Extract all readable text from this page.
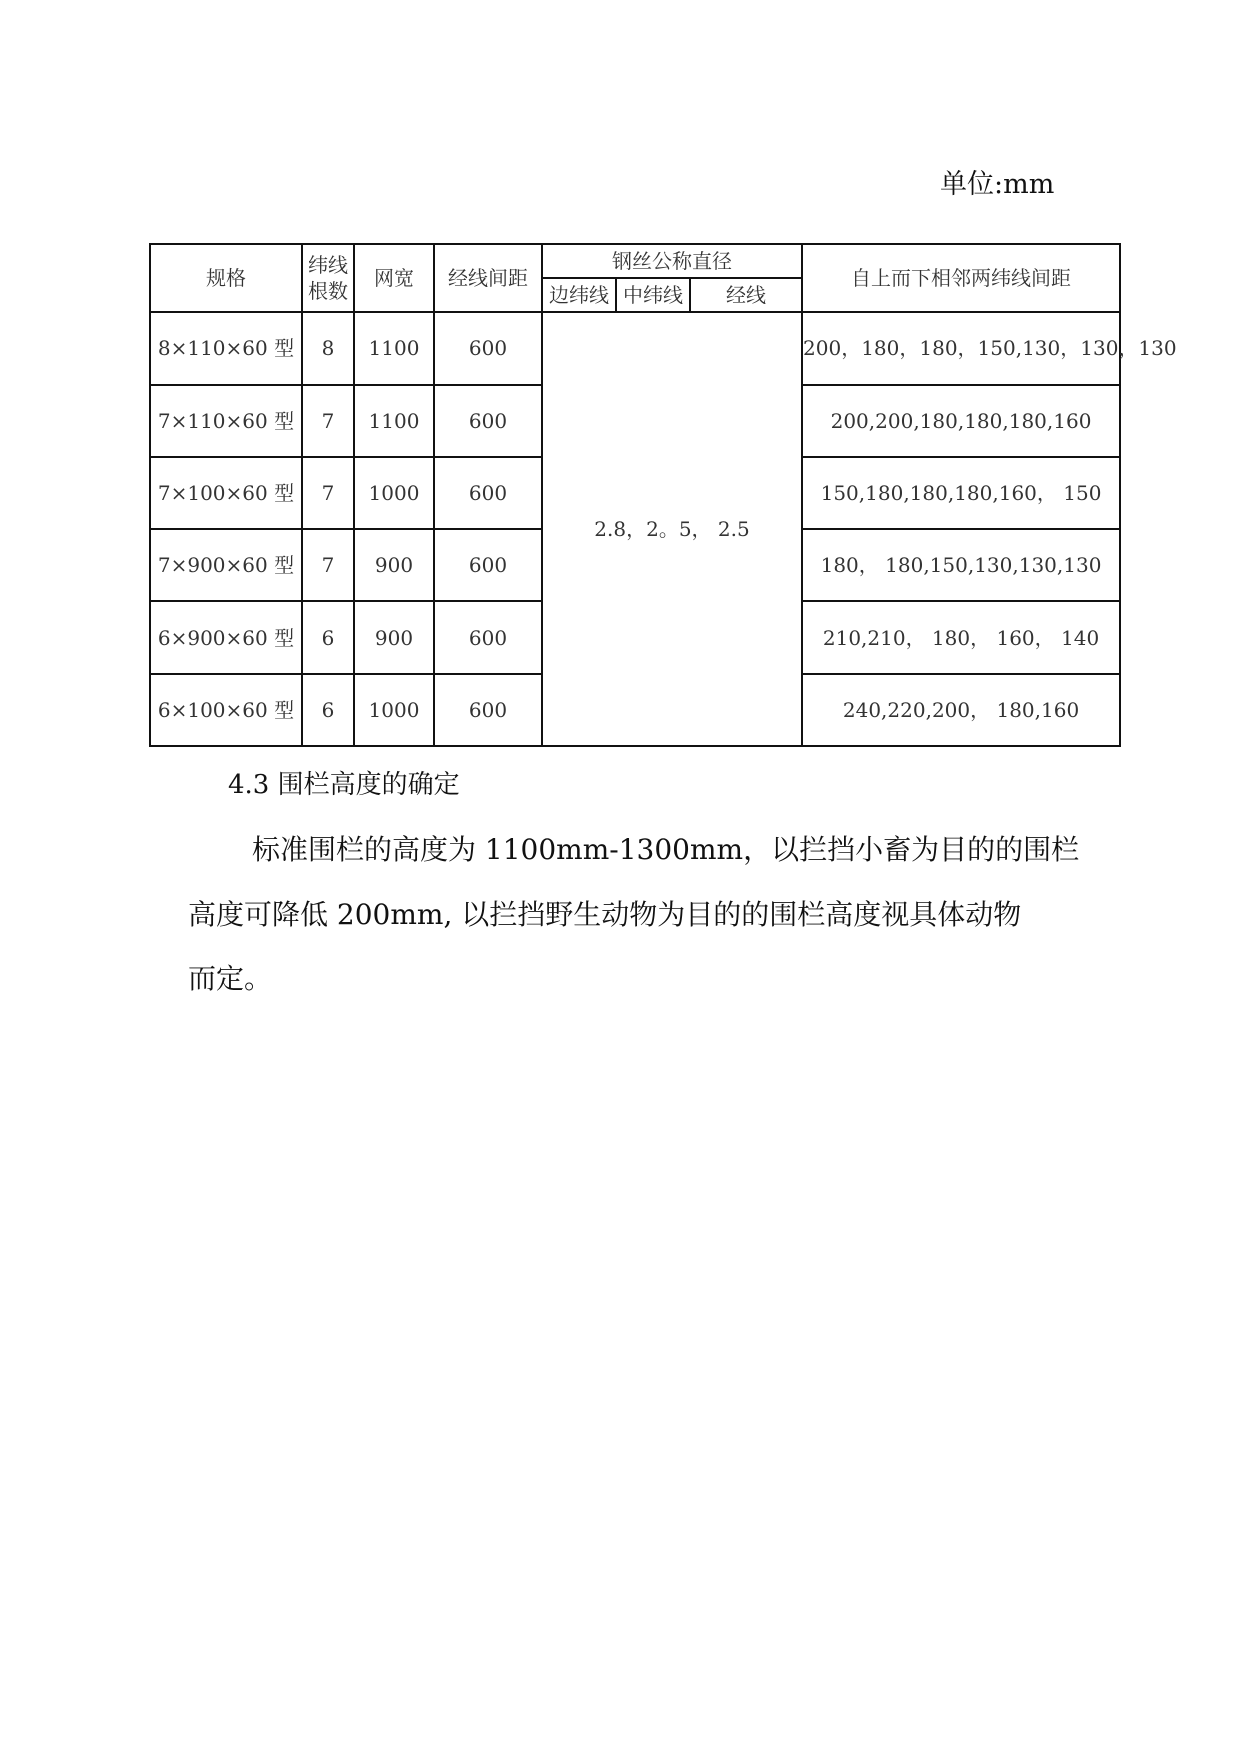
单位:mm
规格	纬线根数	网宽	经线间距	钢丝公称直径			自上而下相邻两纬线间距
				边纬线	中纬线	经线	
8×110×60 型	8	1100	600	2.8，2。5， 2.5			200，180，180，150,130，130，130
7×110×60 型	7	1100	600				200,200,180,180,180,160
7×100×60 型	7	1000	600				150,180,180,180,160， 150
7×900×60 型	7	900	600				180， 180,150,130,130,130
6×900×60 型	6	900	600				210,210， 180， 160， 140
6×100×60 型	6	1000	600				240,220,200， 180,160
4.3 围栏高度的确定
标准围栏的高度为 1100mm-1300mm，以拦挡小畜为目的的围栏
高度可降低 200mm, 以拦挡野生动物为目的的围栏高度视具体动物
而定。
